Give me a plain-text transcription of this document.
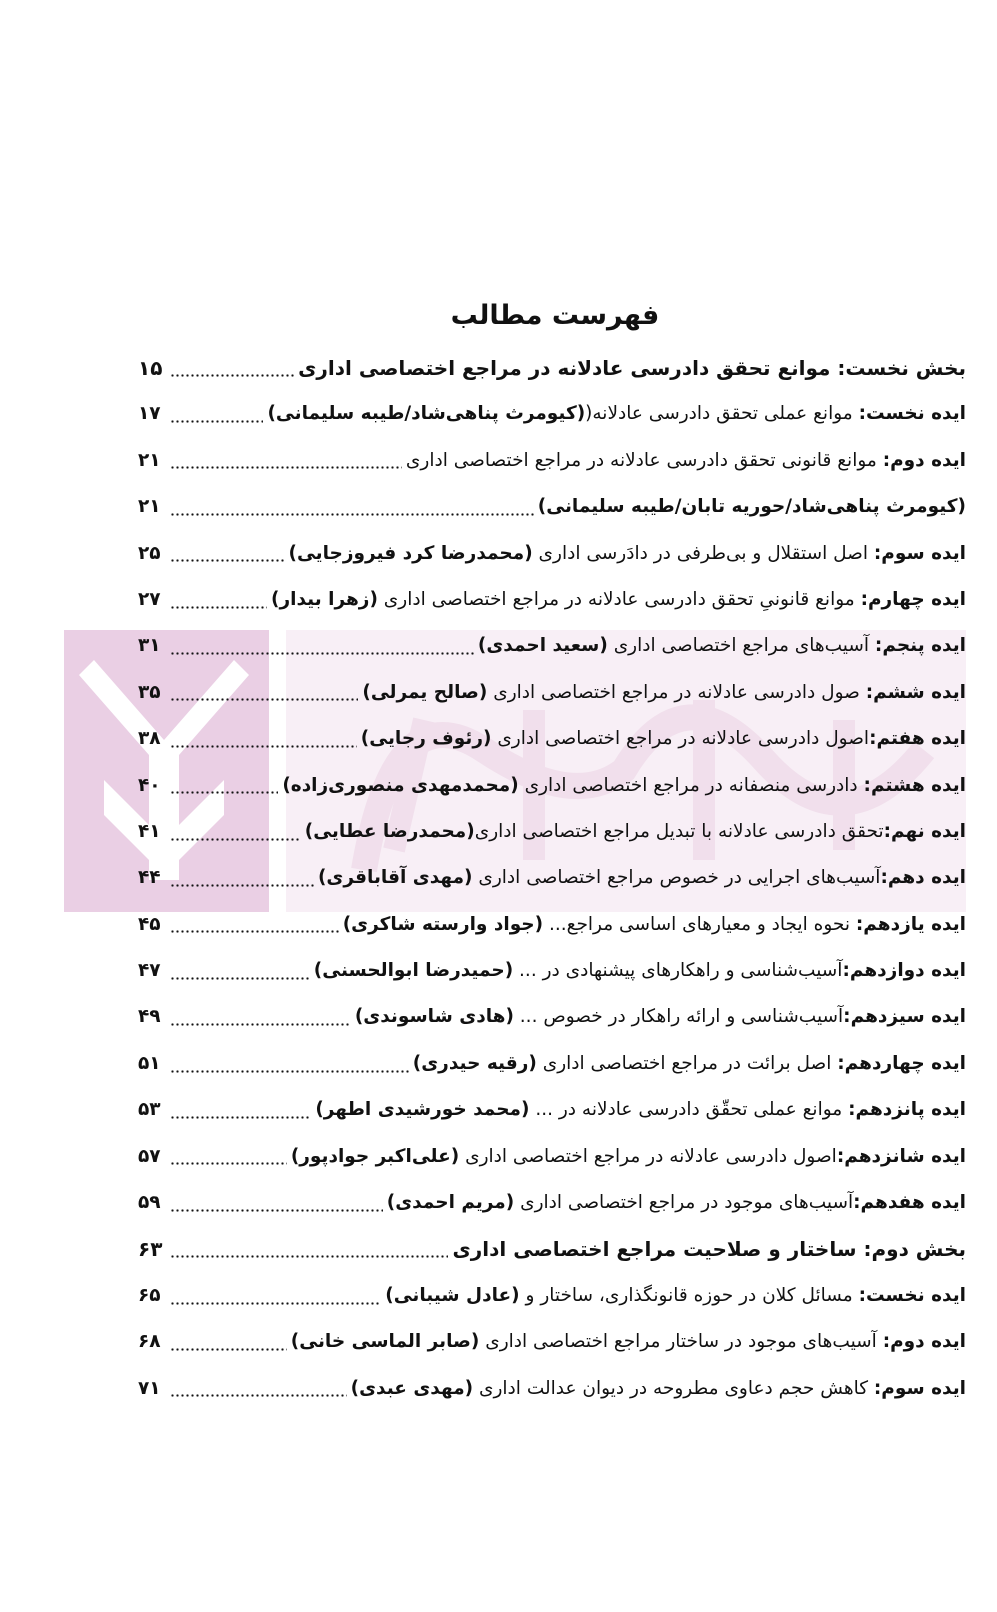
فهرست مطالب
بخش نخست: موانع تحقق دادرسی عادلانه در مراجع اختصاصی اداری
۱۵
ایده نخست: موانع عملی تحقق دادرسی عادلانه((کیومرث پناهی‌شاد/طیبه سلیمانی)
۱۷
ایده دوم: موانع قانونی تحقق دادرسی عادلانه در مراجع اختصاصی اداری
۲۱
(کیومرث پناهی‌شاد/حوریه تابان/طیبه سلیمانی)
۲۱
ایده سوم: اصل استقلال و بی‌طرفی در دادَرسی اداری (محمدرضا کرد فیروزجایی)
۲۵
ایده چهارم: موانع قانونیِ تحقق دادرسی عادلانه در مراجع اختصاصی اداری (زهرا بیدار)
۲۷
ایده پنجم: آسیب‌های مراجع اختصاصی اداری (سعید احمدی)
۳۱
ایده ششم: صول دادرسی عادلانه در مراجع اختصاصی اداری (صالح یمرلی)
۳۵
ایده هفتم:اصول دادرسی عادلانه در مراجع اختصاصی اداری (رئوف رجایی)
۳۸
ایده هشتم: دادرسی منصفانه در مراجع اختصاصی اداری (محمدمهدی منصوری‌زاده)
۴۰
ایده نهم:تحقق دادرسی عادلانه با تبدیل مراجع اختصاصی اداری(محمدرضا عطایی)
۴۱
ایده دهم:آسیب‌های اجرایی در خصوص مراجع اختصاصی اداری (مهدی آقاباقری)
۴۴
ایده یازدهم: نحوه ایجاد و معیارهای اساسی مراجع... (جواد وارسته شاکری)
۴۵
ایده دوازدهم:آسیب‌شناسی و راهکارهای پیشنهادی در ... (حمیدرضا ابوالحسنی)
۴۷
ایده سیزدهم:آسیب‌شناسی و ارائه راهکار در خصوص ... (هادی شاسوندی)
۴۹
ایده چهاردهم: اصل برائت در مراجع اختصاصی اداری (رقیه حیدری)
۵۱
ایده پانزدهم: موانع عملی تحقّق دادرسی عادلانه در ... (محمد خورشیدی اطهر)
۵۳
ایده شانزدهم:اصول دادرسی عادلانه در مراجع اختصاصی اداری (علی‌اکبر جوادپور)
۵۷
ایده هفدهم:آسیب‌های موجود در مراجع اختصاصی اداری (مریم احمدی)
۵۹
بخش دوم: ساختار و صلاحیت مراجع اختصاصی اداری
۶۳
ایده نخست: مسائل کلان در حوزه قانونگذاری، ساختار و (عادل شیبانی)
۶۵
ایده دوم: آسیب‌های موجود در ساختار مراجع اختصاصی اداری (صابر الماسی خانی)
۶۸
ایده سوم: کاهش حجم دعاوی مطروحه در دیوان عدالت اداری (مهدی عبدی)
۷۱
